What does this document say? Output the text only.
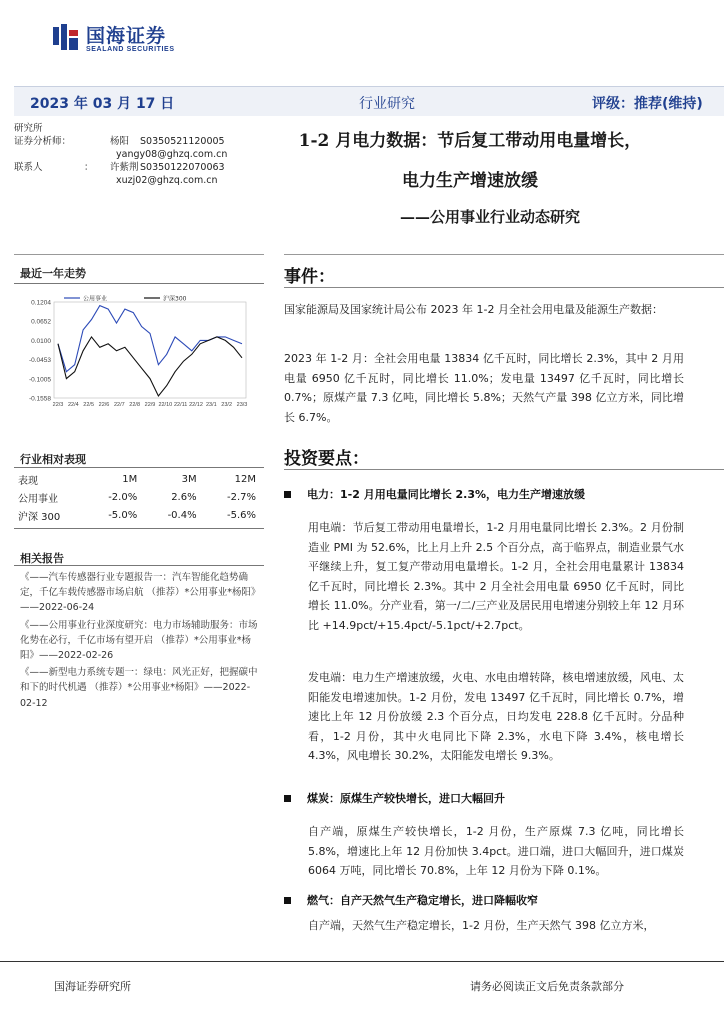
国海证券
SEALAND SECURITIES
2023 年 03 月 17 日	行业研究	评级：推荐(维持)
研究所
证券分析师：	杨阳	S0350521120005
yangy08@ghzq.com.cn
联系人	：	许紫荆 S0350122070063
xuzj02@ghzq.com.cn
1-2 月电力数据：节后复工带动用电量增长，
电力生产增速放缓
——公用事业行业动态研究
最近一年走势
0.1204
0.0652
0.0100
-0.0453
-0.1005
-0.1558
22/3 22/4 22/5 22/6 22/7 22/8 22/9 22/10 22/11 22/12 23/1 23/2 23/3
公用事业	沪深300
行业相对表现
表现	1M	3M	12M
公用事业	-2.0%	2.6%	-2.7%
沪深 300	-5.0%	-0.4%	-5.6%
相关报告
《——汽车传感器行业专题报告一：汽车智能化趋势确定，千亿车载传感器市场启航 （推荐）*公用事业*杨阳》——2022-06-24
《——公用事业行业深度研究：电力市场辅助服务：市场化势在必行，千亿市场有望开启 （推荐）*公用事业*杨阳》——2022-02-26
《——新型电力系统专题一：绿电：风光正好，把握碳中和下的时代机遇 （推荐）*公用事业*杨阳》——2022-02-12
事件：
国家能源局及国家统计局公布 2023 年 1-2 月全社会用电量及能源生产数据：
2023 年 1-2 月：全社会用电量 13834 亿千瓦时，同比增长 2.3%，其中 2 月用电量 6950 亿千瓦时，同比增长 11.0%；发电量 13497 亿千瓦时，同比增长 0.7%；原煤产量 7.3 亿吨，同比增长 5.8%；天然气产量 398 亿立方米，同比增长 6.7%。
投资要点：
电力：1-2 月用电量同比增长 2.3%，电力生产增速放缓
用电端：节后复工带动用电量增长，1-2 月用电量同比增长 2.3%。2 月份制造业 PMI 为 52.6%，比上月上升 2.5 个百分点，高于临界点，制造业景气水平继续上升，复工复产带动用电量增长。1-2 月，全社会用电量累计 13834 亿千瓦时，同比增长 2.3%。其中 2 月全社会用电量 6950 亿千瓦时，同比增长 11.0%。分产业看，第一/二/三产业及居民用电增速分别较上年 12 月环比 +14.9pct/+15.4pct/-5.1pct/+2.7pct。
发电端：电力生产增速放缓，火电、水电由增转降，核电增速放缓，风电、太阳能发电增速加快。1-2 月份，发电 13497 亿千瓦时，同比增长 0.7%，增速比上年 12 月份放缓 2.3 个百分点，日均发电 228.8 亿千瓦时。分品种看，1-2 月份，其中火电同比下降 2.3%，水电下降 3.4%，核电增长 4.3%，风电增长 30.2%，太阳能发电增长 9.3%。
煤炭：原煤生产较快增长，进口大幅回升
自产端，原煤生产较快增长，1-2 月份，生产原煤 7.3 亿吨，同比增长 5.8%，增速比上年 12 月份加快 3.4pct。进口端，进口大幅回升，进口煤炭 6064 万吨，同比增长 70.8%，上年 12 月份为下降 0.1%。
燃气：自产天然气生产稳定增长，进口降幅收窄
自产端，天然气生产稳定增长，1-2 月份，生产天然气 398 亿立方米，
国海证券研究所	请务必阅读正文后免责条款部分
